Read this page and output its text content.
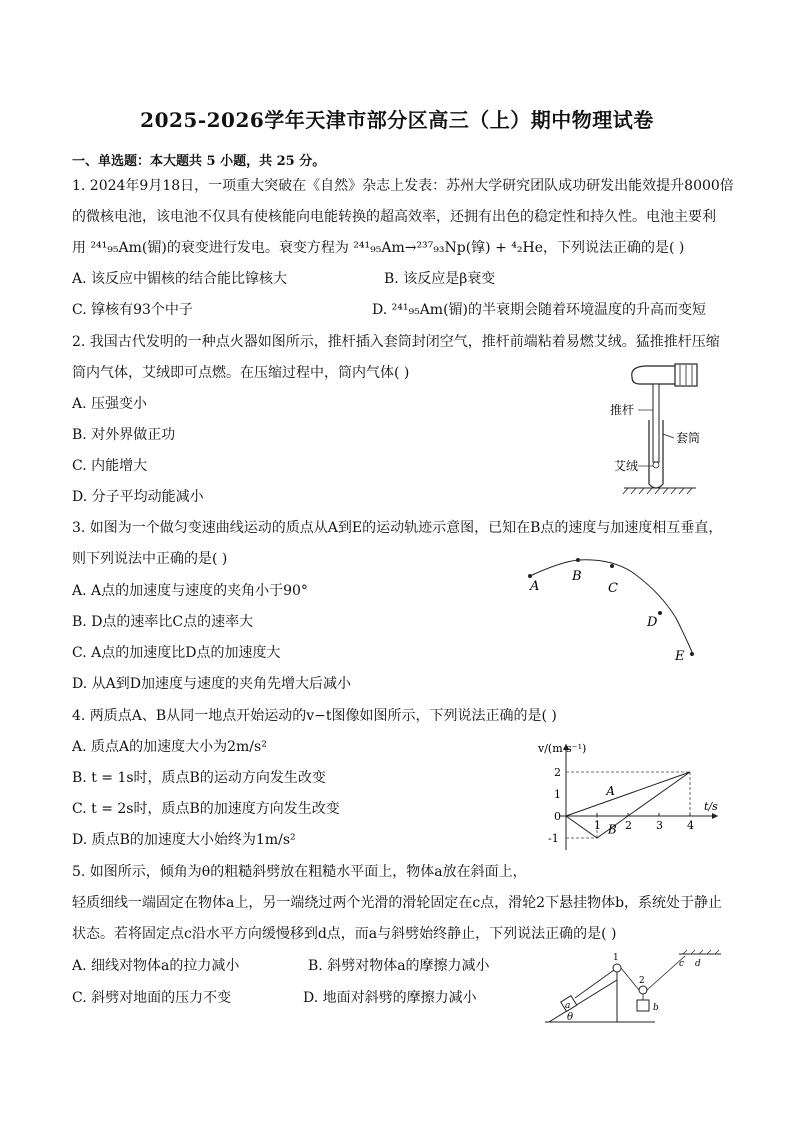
2025-2026学年天津市部分区高三（上）期中物理试卷
一、单选题：本大题共 5 小题，共 25 分。
1. 2024年9月18日，一项重大突破在《自然》杂志上发表：苏州大学研究团队成功研发出能效提升8000倍
的微核电池，该电池不仅具有使核能向电能转换的超高效率，还拥有出色的稳定性和持久性。电池主要利
用 ²⁴¹₉₅Am(镅)的衰变进行发电。衰变方程为 ²⁴¹₉₅Am→²³⁷₉₃Np(镎) + ⁴₂He，下列说法正确的是( )
A. 该反应中镅核的结合能比镎核大	B. 该反应是β衰变
C. 镎核有93个中子	D. ²⁴¹₉₅Am(镅)的半衰期会随着环境温度的升高而变短
2. 我国古代发明的一种点火器如图所示，推杆插入套筒封闭空气，推杆前端粘着易燃艾绒。猛推推杆压缩
筒内气体，艾绒即可点燃。在压缩过程中，筒内气体( )
A. 压强变小
B. 对外界做正功
C. 内能增大
D. 分子平均动能减小
推杆
套筒
艾绒
3. 如图为一个做匀变速曲线运动的质点从A到E的运动轨迹示意图，已知在B点的速度与加速度相互垂直，
则下列说法中正确的是( )
A. A点的加速度与速度的夹角小于90°
B. D点的速率比C点的速率大
C. A点的加速度比D点的加速度大
D. 从A到D加速度与速度的夹角先增大后减小
A
B
C
D
E
4. 两质点A、B从同一地点开始运动的v−t图像如图所示，下列说法正确的是( )
A. 质点A的加速度大小为2m/s²
B. t = 1s时，质点B的运动方向发生改变
C. t = 2s时，质点B的加速度方向发生改变
D. 质点B的加速度大小始终为1m/s²
v/(m·s⁻¹)
t/s
1 2 3 4
2
1
0
-1
A
B
5. 如图所示，倾角为θ的粗糙斜劈放在粗糙水平面上，物体a放在斜面上，
轻质细线一端固定在物体a上，另一端绕过两个光滑的滑轮固定在c点，滑轮2下悬挂物体b，系统处于静止
状态。若将固定点c沿水平方向缓慢移到d点，而a与斜劈始终静止，下列说法正确的是( )
A. 细线对物体a的拉力减小	B. 斜劈对物体a的摩擦力减小
C. 斜劈对地面的压力不变	D. 地面对斜劈的摩擦力减小
θ
a
1
2
b
c d
